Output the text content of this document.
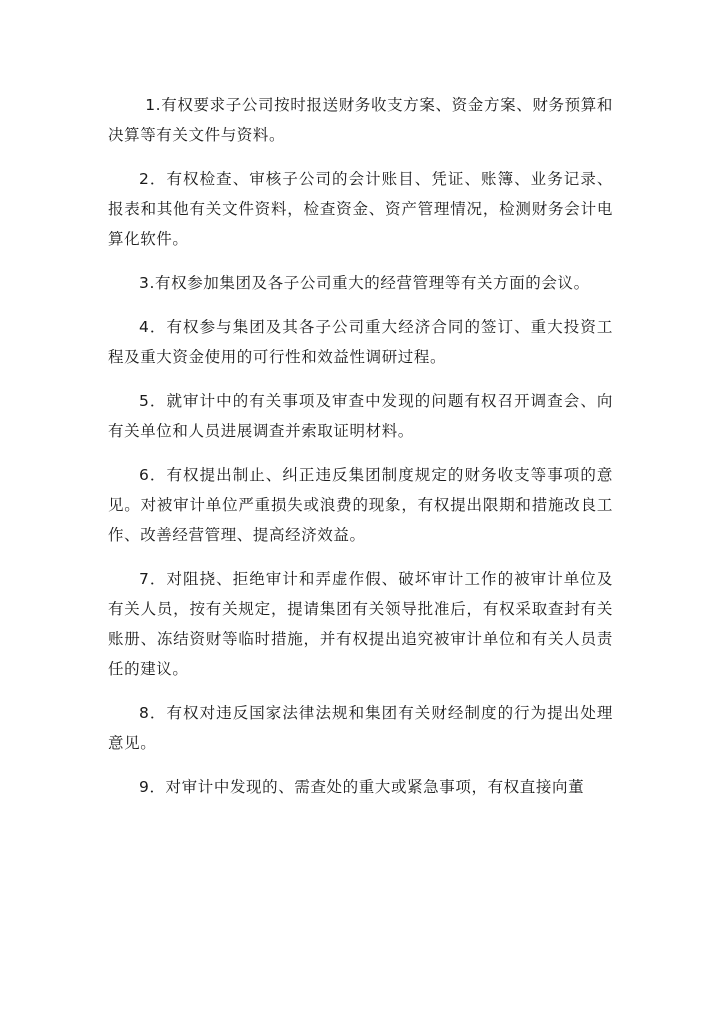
1.有权要求子公司按时报送财务收支方案、资金方案、财务预算和决算等有关文件与资料。

2．有权检查、审核子公司的会计账目、凭证、账簿、业务记录、报表和其他有关文件资料，检查资金、资产管理情况，检测财务会计电算化软件。

3.有权参加集团及各子公司重大的经营管理等有关方面的会议。

4．有权参与集团及其各子公司重大经济合同的签订、重大投资工程及重大资金使用的可行性和效益性调研过程。

5．就审计中的有关事项及审查中发现的问题有权召开调查会、向有关单位和人员进展调查并索取证明材料。

6．有权提出制止、纠正违反集团制度规定的财务收支等事项的意见。对被审计单位严重损失或浪费的现象，有权提出限期和措施改良工作、改善经营管理、提高经济效益。

7．对阻挠、拒绝审计和弄虚作假、破坏审计工作的被审计单位及有关人员，按有关规定，提请集团有关领导批准后，有权采取查封有关账册、冻结资财等临时措施，并有权提出追究被审计单位和有关人员责任的建议。

8．有权对违反国家法律法规和集团有关财经制度的行为提出处理意见。

9．对审计中发现的、需查处的重大或紧急事项，有权直接向董
